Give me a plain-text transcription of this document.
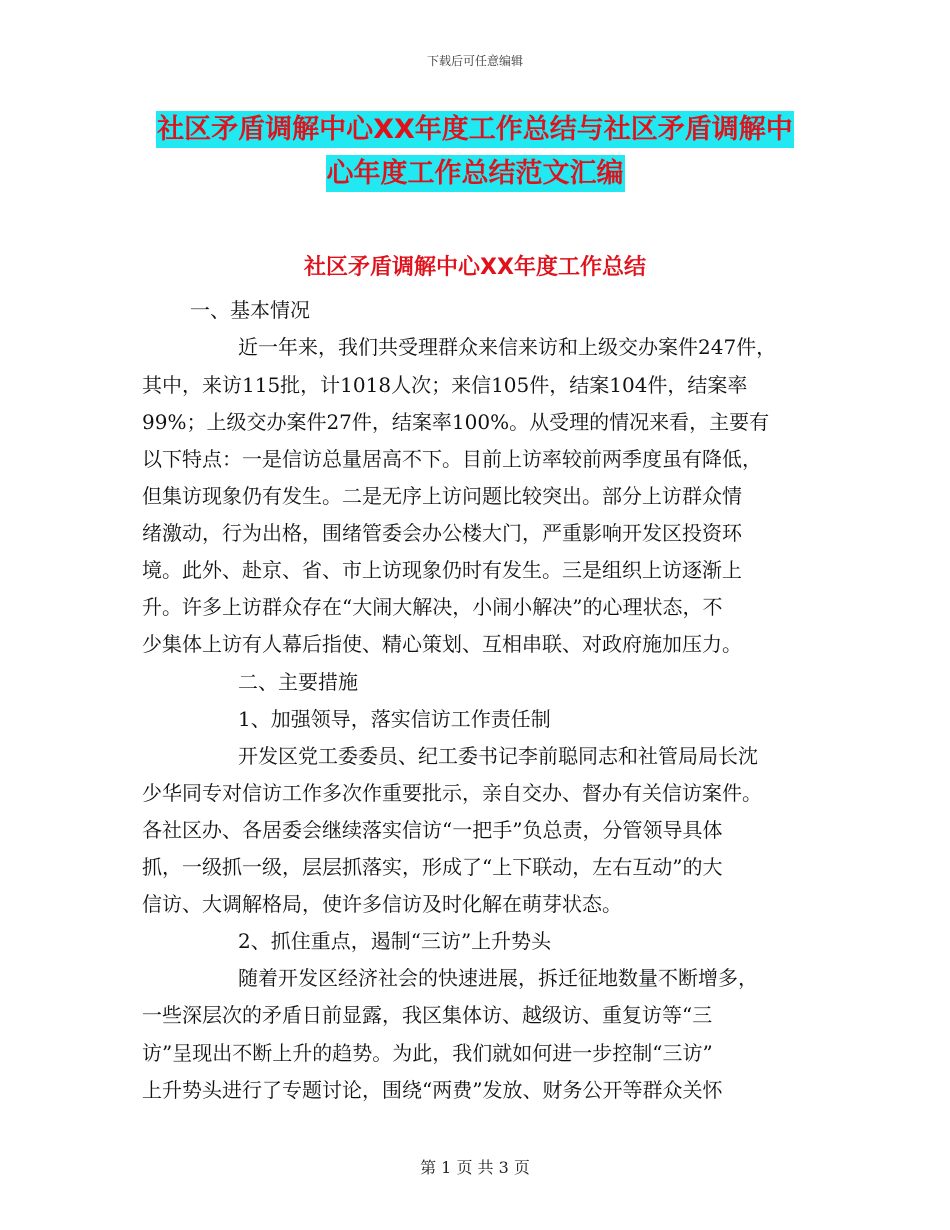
下载后可任意编辑
社区矛盾调解中心XX年度工作总结与社区矛盾调解中
心年度工作总结范文汇编
社区矛盾调解中心XX年度工作总结
一、基本情况
近一年来，我们共受理群众来信来访和上级交办案件247件，
其中，来访115批，计1018人次；来信105件，结案104件，结案率
99%；上级交办案件27件，结案率100%。从受理的情况来看，主要有
以下特点：一是信访总量居高不下。目前上访率较前两季度虽有降低，
但集访现象仍有发生。二是无序上访问题比较突出。部分上访群众情
绪激动，行为出格，围绪管委会办公楼大门，严重影响开发区投资环
境。此外、赴京、省、市上访现象仍时有发生。三是组织上访逐渐上
升。许多上访群众存在“大闹大解决，小闹小解决”的心理状态，不
少集体上访有人幕后指使、精心策划、互相串联、对政府施加压力。
二、主要措施
1、加强领导，落实信访工作责任制
开发区党工委委员、纪工委书记李前聪同志和社管局局长沈
少华同专对信访工作多次作重要批示，亲自交办、督办有关信访案件。
各社区办、各居委会继续落实信访“一把手”负总责，分管领导具体
抓，一级抓一级，层层抓落实，形成了“上下联动，左右互动”的大
信访、大调解格局，使许多信访及时化解在萌芽状态。
2、抓住重点，遏制“三访”上升势头
随着开发区经济社会的快速进展，拆迁征地数量不断增多，
一些深层次的矛盾日前显露，我区集体访、越级访、重复访等“三
访”呈现出不断上升的趋势。为此，我们就如何进一步控制“三访”
上升势头进行了专题讨论，围绕“两费”发放、财务公开等群众关怀
第 1 页 共 3 页
